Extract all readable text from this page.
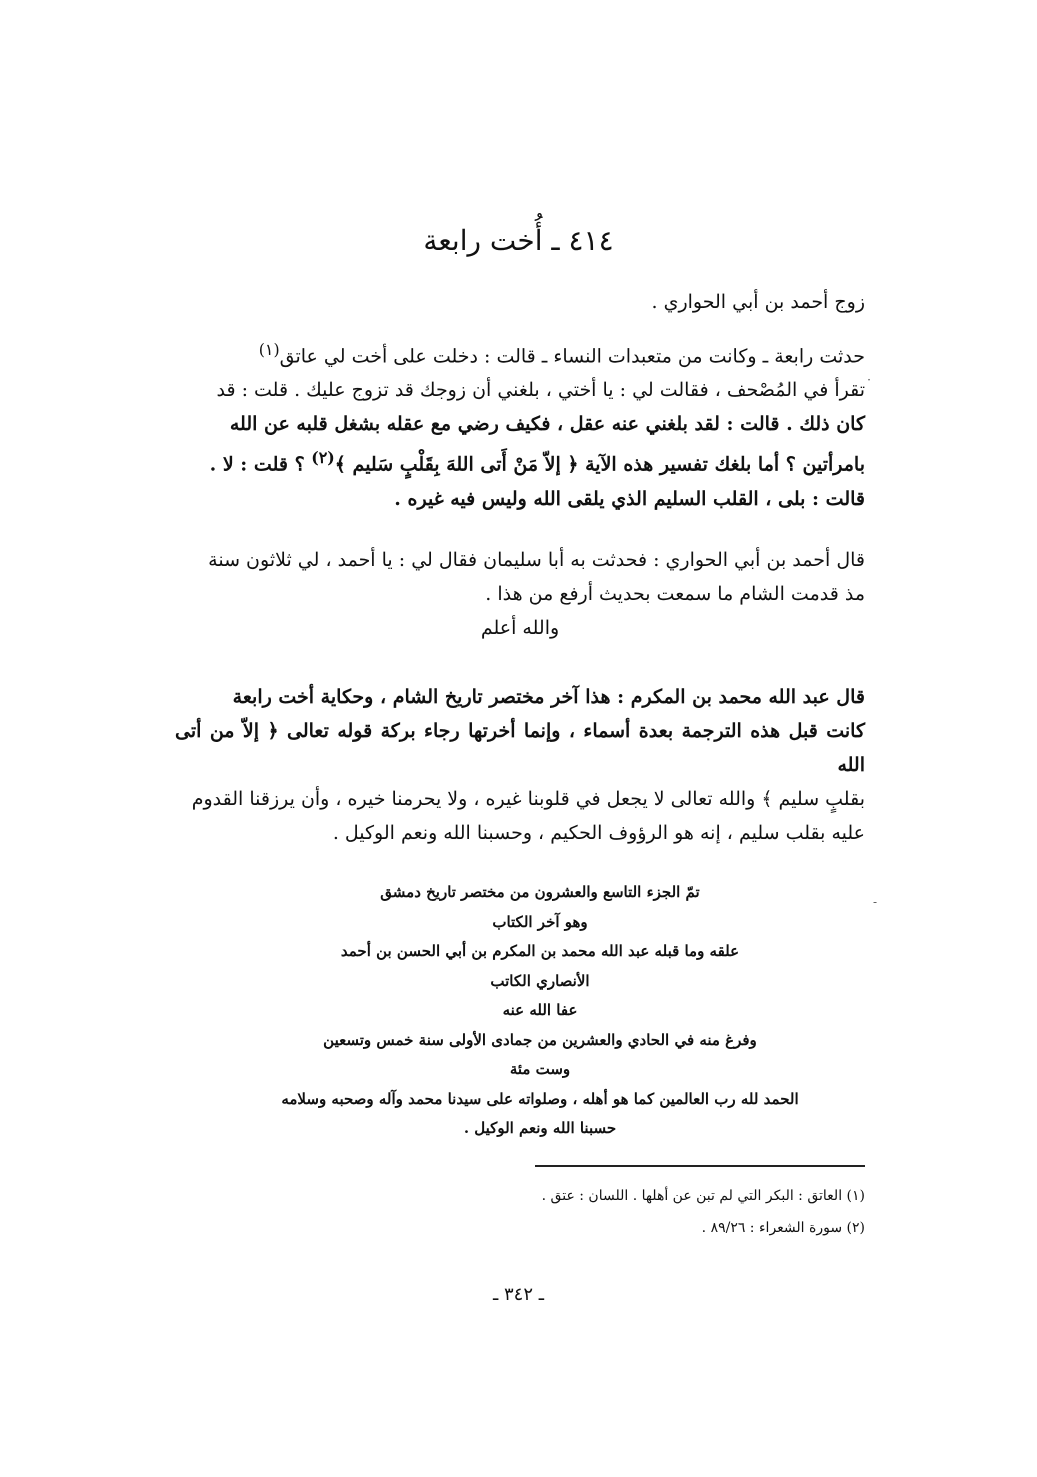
٤١٤ ـ أُخت رابعة

زوج أحمد بن أبي الحواري .

حدثت رابعة ـ وكانت من متعبدات النساء ـ قالت : دخلت على أخت لي عاتق$^{(١)}$

تقرأ في المُصْحف ، فقالت لي : يا أختي ، بلغني أن زوجك قد تزوج عليك . قلت : قد

كان ذلك . قالت : لقد بلغني عنه عقل ، فكيف رضي مع عقله بشغل قلبه عن الله

بامرأتين ؟ أما بلغك تفسير هذه الآية ﴿ إلاّ مَنْ أَتى اللهَ بِقَلْبٍ سَليم ﴾$^{(٢)}$ ؟ قلت : لا .

قالت : بلى ، القلب السليم الذي يلقى الله وليس فيه غيره .

قال أحمد بن أبي الحواري : فحدثت به أبا سليمان فقال لي : يا أحمد ، لي ثلاثون سنة

مذ قدمت الشام ما سمعت بحديث أرفع من هذا .

والله أعلم

قال عبد الله محمد بن المكرم : هذا آخر مختصر تاريخ الشام ، وحكاية أخت رابعة

كانت قبل هذه الترجمة بعدة أسماء ، وإنما أخرتها رجاء بركة قوله تعالى ﴿ إلاّ من أتى الله

بقلبٍ سليم ﴾ والله تعالى لا يجعل في قلوبنا غيره ، ولا يحرمنا خيره ، وأن يرزقنا القدوم

عليه بقلب سليم ، إنه هو الرؤوف الحكيم ، وحسبنا الله ونعم الوكيل .

تمّ الجزء التاسع والعشرون من مختصر تاريخ دمشق
وهو آخر الكتاب
علقه وما قبله عبد الله محمد بن المكرم بن أبي الحسن بن أحمد
الأنصاري الكاتب
عفا الله عنه
وفرغ منه في الحادي والعشرين من جمادى الأولى سنة خمس وتسعين
وست مئة
الحمد لله رب العالمين كما هو أهله ، وصلواته على سيدنا محمد وآله وصحبه وسلامه
حسبنا الله ونعم الوكيل .
(١) العاتق : البكر التي لم تبن عن أهلها . اللسان : عتق .
(٢) سورة الشعراء : ٨٩/٢٦ .
ـ ٣٤٢ ـ
·
-
